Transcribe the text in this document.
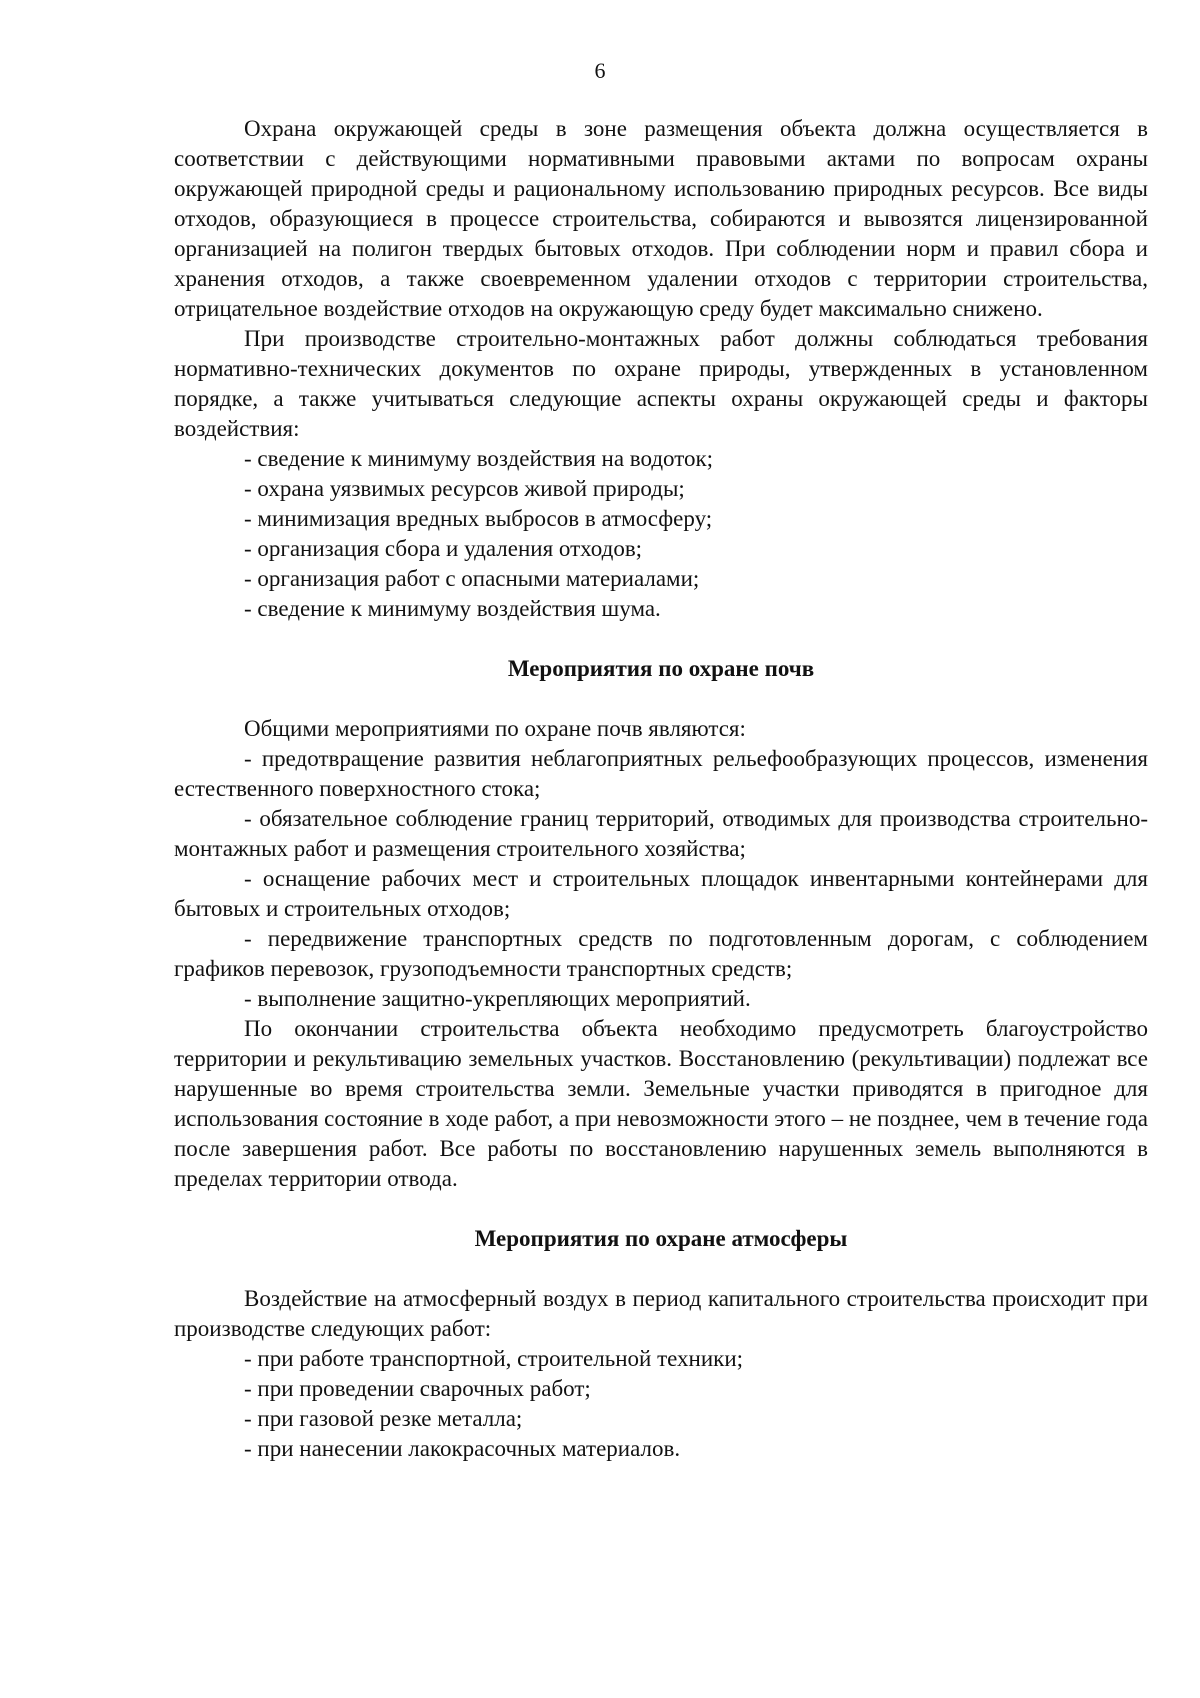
6

Охрана окружающей среды в зоне размещения объекта должна осуществляется в соответствии с действующими нормативными правовыми актами по вопросам охраны окружающей природной среды и рациональному использованию природных ресурсов. Все виды отходов, образующиеся в процессе строительства, собираются и вывозятся лицензированной организацией на полигон твердых бытовых отходов. При соблюдении норм и правил сбора и хранения отходов, а также своевременном удалении отходов с территории строительства, отрицательное воздействие отходов на окружающую среду будет максимально снижено.

При производстве строительно-монтажных работ должны соблюдаться требования нормативно-технических документов по охране природы, утвержденных в установленном порядке, а также учитываться следующие аспекты охраны окружающей среды и факторы воздействия:

- сведение к минимуму воздействия на водоток;

- охрана уязвимых ресурсов живой природы;

- минимизация вредных выбросов в атмосферу;

- организация сбора и удаления отходов;

- организация работ с опасными материалами;

- сведение к минимуму воздействия шума.

Мероприятия по охране почв

Общими мероприятиями по охране почв являются:

- предотвращение развития неблагоприятных рельефообразующих процессов, изменения естественного поверхностного стока;

- обязательное соблюдение границ территорий, отводимых для производства строительно-монтажных работ и размещения строительного хозяйства;

- оснащение рабочих мест и строительных площадок инвентарными контейнерами для бытовых и строительных отходов;

- передвижение транспортных средств по подготовленным дорогам, с соблюдением графиков перевозок, грузоподъемности транспортных средств;

- выполнение защитно-укрепляющих мероприятий.

По окончании строительства объекта необходимо предусмотреть благоустройство территории и рекультивацию земельных участков. Восстановлению (рекультивации) подлежат все нарушенные во время строительства земли. Земельные участки приводятся в пригодное для использования состояние в ходе работ, а при невозможности этого – не позднее, чем в течение года после завершения работ. Все работы по восстановлению нарушенных земель выполняются в пределах территории отвода.

Мероприятия по охране атмосферы

Воздействие на атмосферный воздух в период капитального строительства происходит при производстве следующих работ:

- при работе транспортной, строительной техники;

- при проведении сварочных работ;

- при газовой резке металла;

- при нанесении лакокрасочных материалов.
